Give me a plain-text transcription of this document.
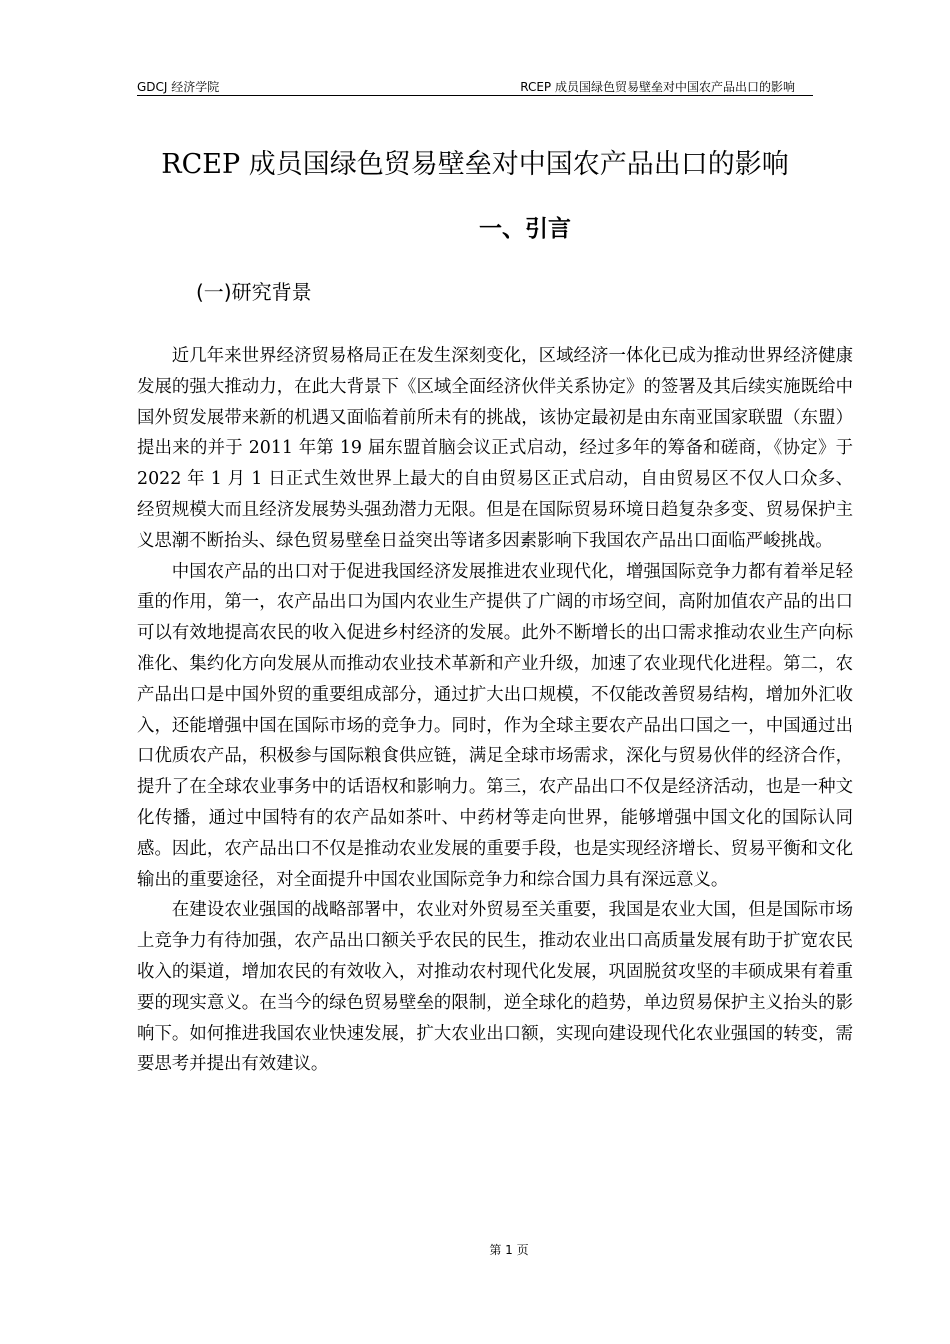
GDCJ 经济学院	RCEP 成员国绿色贸易壁垒对中国农产品出口的影响
RCEP 成员国绿色贸易壁垒对中国农产品出口的影响
一、引言
(一)研究背景

近几年来世界经济贸易格局正在发生深刻变化，区域经济一体化已成为推动世界经济健康发展的强大推动力，在此大背景下《区域全面经济伙伴关系协定》的签署及其后续实施既给中国外贸发展带来新的机遇又面临着前所未有的挑战，该协定最初是由东南亚国家联盟（东盟）提出来的并于 2011 年第 19 届东盟首脑会议正式启动，经过多年的筹备和磋商，《协定》于 2022 年 1 月 1 日正式生效世界上最大的自由贸易区正式启动，自由贸易区不仅人口众多、经贸规模大而且经济发展势头强劲潜力无限。但是在国际贸易环境日趋复杂多变、贸易保护主义思潮不断抬头、绿色贸易壁垒日益突出等诸多因素影响下我国农产品出口面临严峻挑战。

中国农产品的出口对于促进我国经济发展推进农业现代化，增强国际竞争力都有着举足轻重的作用，第一，农产品出口为国内农业生产提供了广阔的市场空间，高附加值农产品的出口可以有效地提高农民的收入促进乡村经济的发展。此外不断增长的出口需求推动农业生产向标准化、集约化方向发展从而推动农业技术革新和产业升级，加速了农业现代化进程。第二，农产品出口是中国外贸的重要组成部分，通过扩大出口规模，不仅能改善贸易结构，增加外汇收入，还能增强中国在国际市场的竞争力。同时，作为全球主要农产品出口国之一，中国通过出口优质农产品，积极参与国际粮食供应链，满足全球市场需求，深化与贸易伙伴的经济合作，提升了在全球农业事务中的话语权和影响力。第三，农产品出口不仅是经济活动，也是一种文化传播，通过中国特有的农产品如茶叶、中药材等走向世界，能够增强中国文化的国际认同感。因此，农产品出口不仅是推动农业发展的重要手段，也是实现经济增长、贸易平衡和文化输出的重要途径，对全面提升中国农业国际竞争力和综合国力具有深远意义。

在建设农业强国的战略部署中，农业对外贸易至关重要，我国是农业大国，但是国际市场上竞争力有待加强，农产品出口额关乎农民的民生，推动农业出口高质量发展有助于扩宽农民收入的渠道，增加农民的有效收入，对推动农村现代化发展，巩固脱贫攻坚的丰硕成果有着重要的现实意义。在当今的绿色贸易壁垒的限制，逆全球化的趋势，单边贸易保护主义抬头的影响下。如何推进我国农业快速发展，扩大农业出口额，实现向建设现代化农业强国的转变，需要思考并提出有效建议。

第 1 页
